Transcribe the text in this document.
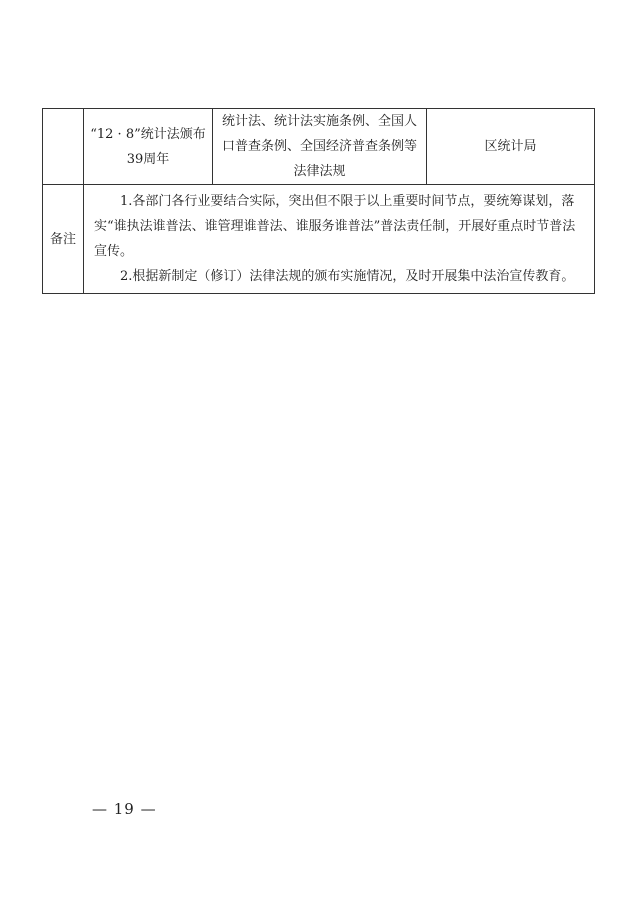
	“12 · 8”统计法颁布39周年	统计法、统计法实施条例、全国人口普查条例、全国经济普查条例等法律法规	区统计局

备注	1.各部门各行业要结合实际，突出但不限于以上重要时间节点，要统筹谋划，落实“谁执法谁普法、谁管理谁普法、谁服务谁普法”普法责任制，开展好重点时节普法宣传。
2.根据新制定（修订）法律法规的颁布实施情况，及时开展集中法治宣传教育。		
— 19 —
